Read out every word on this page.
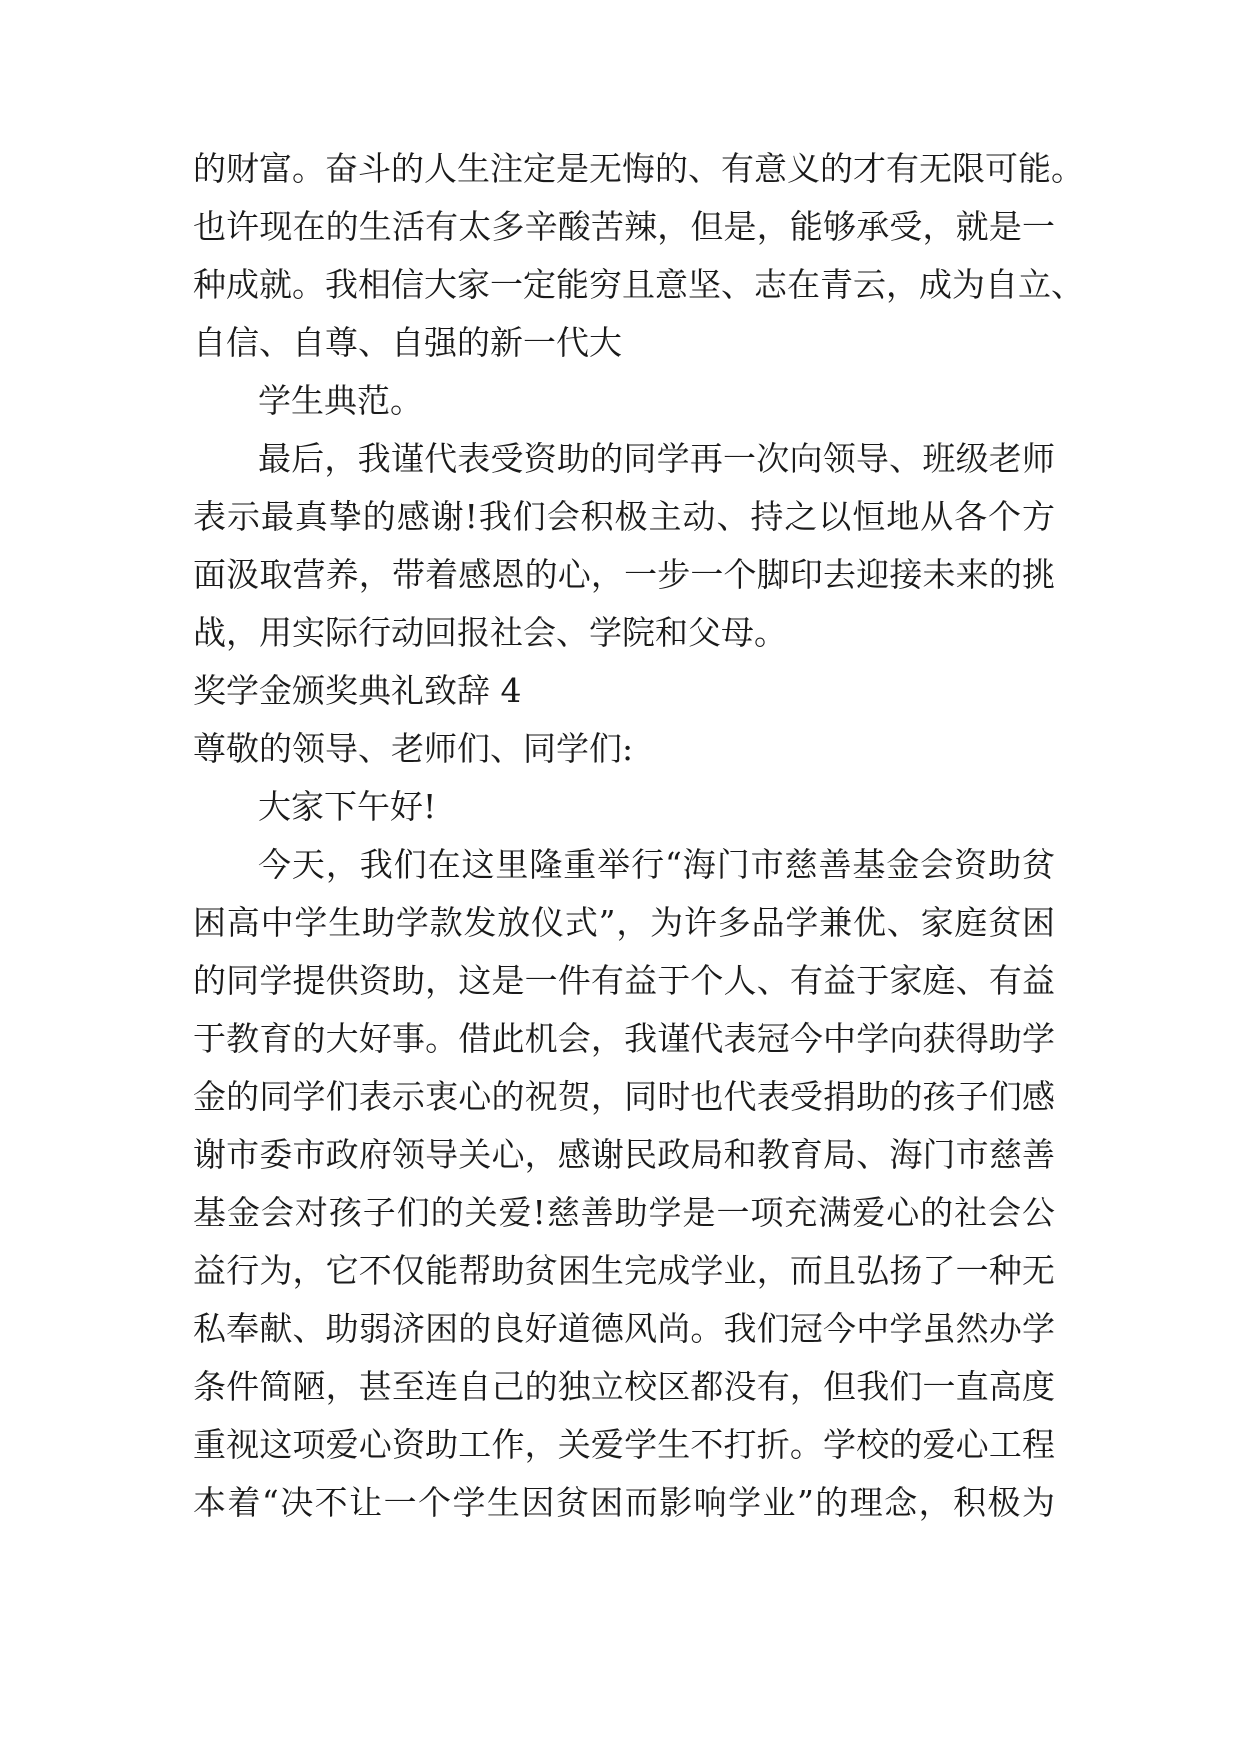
的财富。奋斗的人生注定是无悔的、有意义的才有无限可能。
也许现在的生活有太多辛酸苦辣，但是，能够承受，就是一
种成就。我相信大家一定能穷且意坚、志在青云，成为自立、
自信、自尊、自强的新一代大
学生典范。
最后，我谨代表受资助的同学再一次向领导、班级老师
表示最真挚的感谢!我们会积极主动、持之以恒地从各个方
面汲取营养，带着感恩的心，一步一个脚印去迎接未来的挑
战，用实际行动回报社会、学院和父母。
奖学金颁奖典礼致辞 4
尊敬的领导、老师们、同学们:
大家下午好!
今天，我们在这里隆重举行“海门市慈善基金会资助贫
困高中学生助学款发放仪式”，为许多品学兼优、家庭贫困
的同学提供资助，这是一件有益于个人、有益于家庭、有益
于教育的大好事。借此机会，我谨代表冠今中学向获得助学
金的同学们表示衷心的祝贺，同时也代表受捐助的孩子们感
谢市委市政府领导关心，感谢民政局和教育局、海门市慈善
基金会对孩子们的关爱!慈善助学是一项充满爱心的社会公
益行为，它不仅能帮助贫困生完成学业，而且弘扬了一种无
私奉献、助弱济困的良好道德风尚。我们冠今中学虽然办学
条件简陋，甚至连自己的独立校区都没有，但我们一直高度
重视这项爱心资助工作，关爱学生不打折。学校的爱心工程
本着“决不让一个学生因贫困而影响学业”的理念，积极为
